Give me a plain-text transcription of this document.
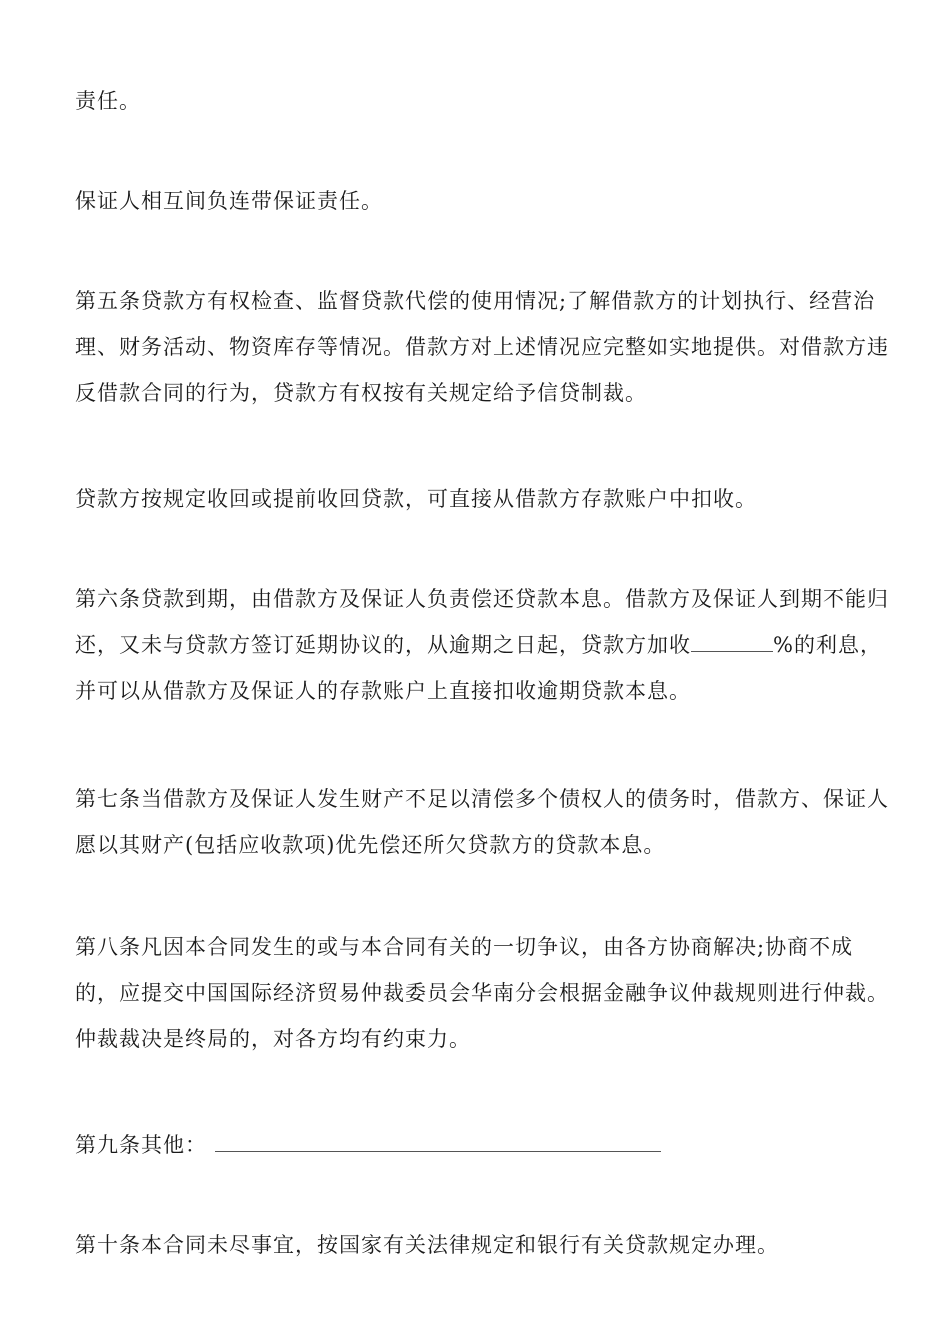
责任。

保证人相互间负连带保证责任。

第五条贷款方有权检查、监督贷款代偿的使用情况;了解借款方的计划执行、经营治理、财务活动、物资库存等情况。借款方对上述情况应完整如实地提供。对借款方违反借款合同的行为，贷款方有权按有关规定给予信贷制裁。

贷款方按规定收回或提前收回贷款，可直接从借款方存款账户中扣收。

第六条贷款到期，由借款方及保证人负责偿还贷款本息。借款方及保证人到期不能归还，又未与贷款方签订延期协议的，从逾期之日起，贷款方加收	%的利息，并可以从借款方及保证人的存款账户上直接扣收逾期贷款本息。

第七条当借款方及保证人发生财产不足以清偿多个债权人的债务时，借款方、保证人愿以其财产(包括应收款项)优先偿还所欠贷款方的贷款本息。

第八条凡因本合同发生的或与本合同有关的一切争议，由各方协商解决;协商不成的，应提交中国国际经济贸易仲裁委员会华南分会根据金融争议仲裁规则进行仲裁。仲裁裁决是终局的，对各方均有约束力。

第九条其他：

第十条本合同未尽事宜，按国家有关法律规定和银行有关贷款规定办理。
